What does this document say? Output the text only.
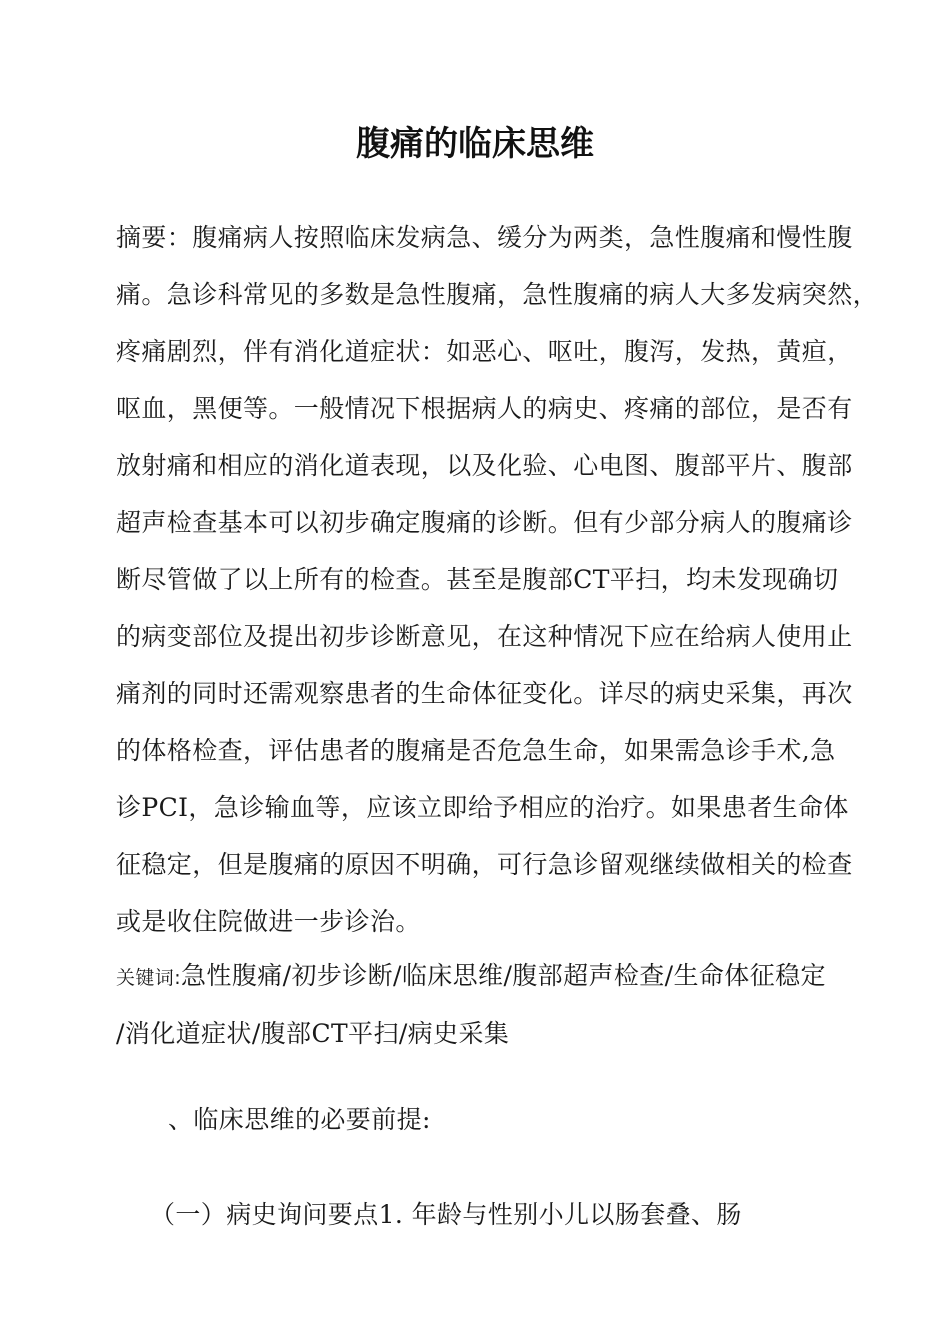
腹痛的临床思维
摘要：腹痛病人按照临床发病急、缓分为两类，急性腹痛和慢性腹
痛。急诊科常见的多数是急性腹痛，急性腹痛的病人大多发病突然，
疼痛剧烈，伴有消化道症状：如恶心、呕吐，腹泻，发热，黄疸，
呕血，黑便等。一般情况下根据病人的病史、疼痛的部位，是否有
放射痛和相应的消化道表现，以及化验、心电图、腹部平片、腹部
超声检查基本可以初步确定腹痛的诊断。但有少部分病人的腹痛诊
断尽管做了以上所有的检查。甚至是腹部CT平扫，均未发现确切
的病变部位及提出初步诊断意见，在这种情况下应在给病人使用止
痛剂的同时还需观察患者的生命体征变化。详尽的病史采集，再次
的体格检查，评估患者的腹痛是否危急生命，如果需急诊手术,急
诊PCI，急诊输血等，应该立即给予相应的治疗。如果患者生命体
征稳定，但是腹痛的原因不明确，可行急诊留观继续做相关的检查
或是收住院做进一步诊治。
关键词:急性腹痛/初步诊断/临床思维/腹部超声检查/生命体征稳定
/消化道症状/腹部CT平扫/病史采集
、临床思维的必要前提:
（一）病史询问要点1. 年龄与性别小儿以肠套叠、肠
